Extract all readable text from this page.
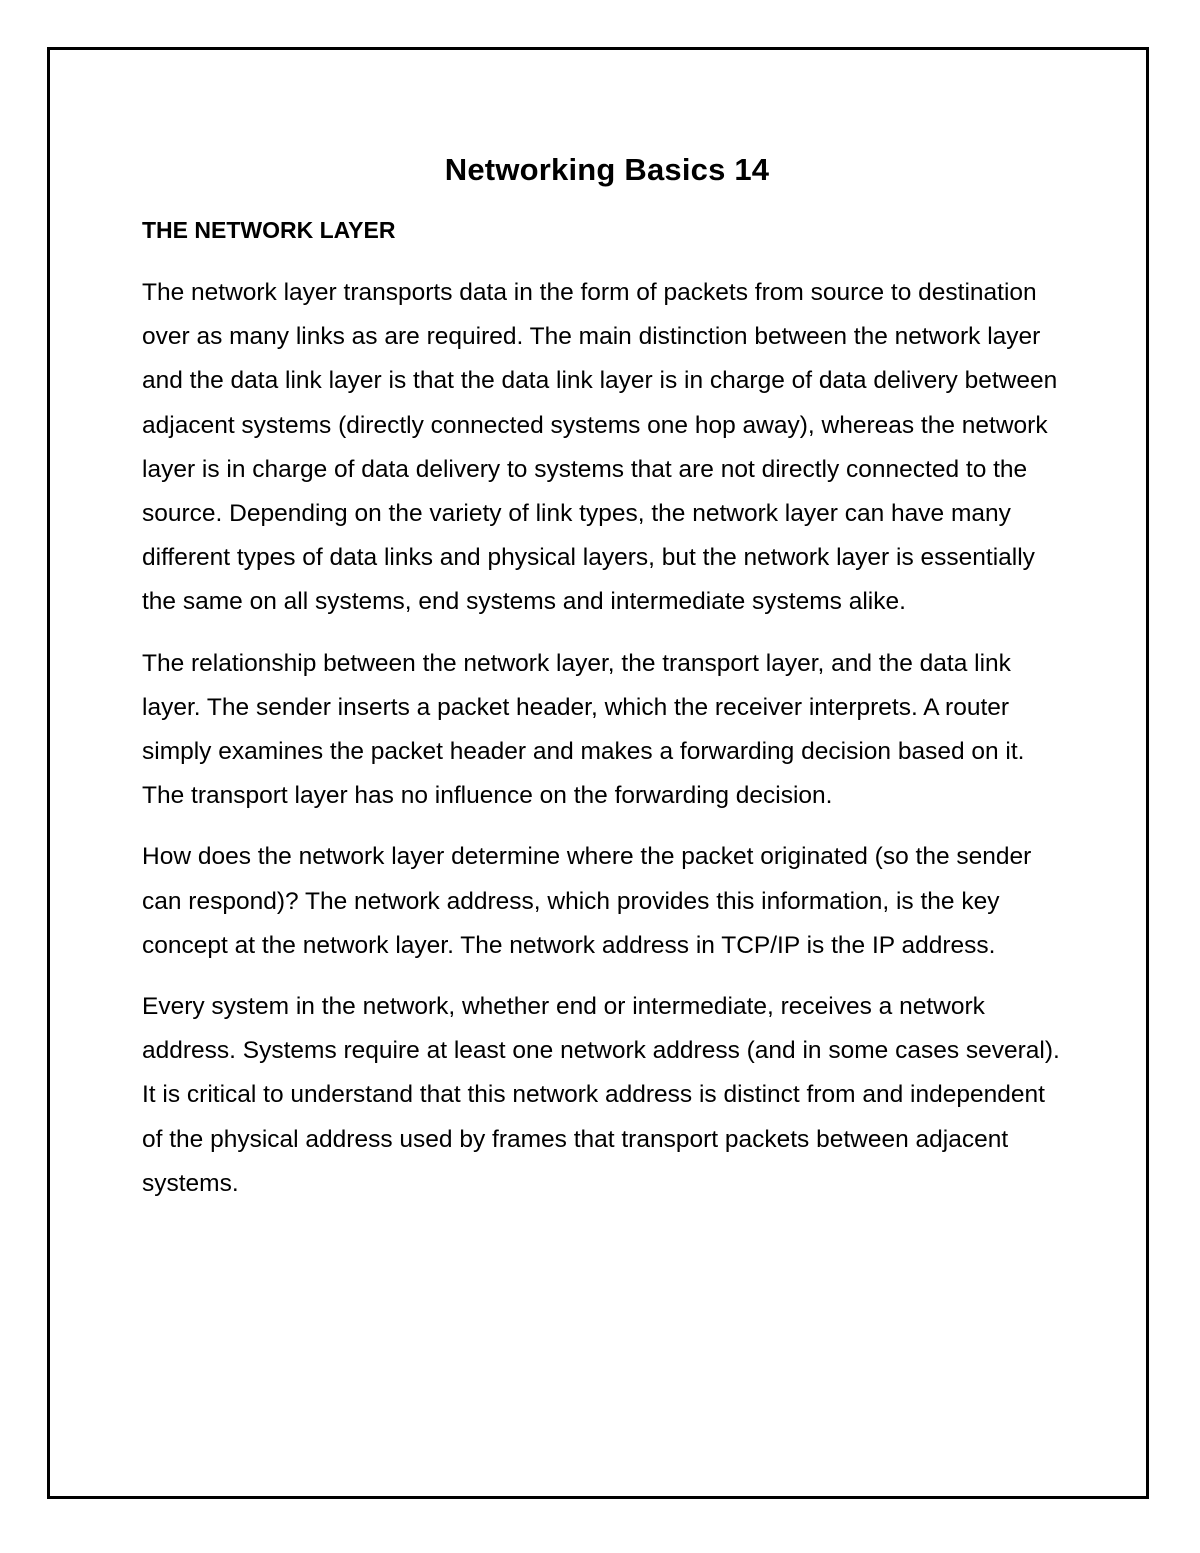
Networking Basics 14
THE NETWORK LAYER

The network layer transports data in the form of packets from source to destination over as many links as are required. The main distinction between the network layer and the data link layer is that the data link layer is in charge of data delivery between adjacent systems (directly connected systems one hop away), whereas the network layer is in charge of data delivery to systems that are not directly connected to the source. Depending on the variety of link types, the network layer can have many different types of data links and physical layers, but the network layer is essentially the same on all systems, end systems and intermediate systems alike.

The relationship between the network layer, the transport layer, and the data link layer. The sender inserts a packet header, which the receiver interprets. A router simply examines the packet header and makes a forwarding decision based on it. The transport layer has no influence on the forwarding decision.

How does the network layer determine where the packet originated (so the sender can respond)? The network address, which provides this information, is the key concept at the network layer. The network address in TCP/IP is the IP address.

Every system in the network, whether end or intermediate, receives a network address. Systems require at least one network address (and in some cases several). It is critical to understand that this network address is distinct from and independent of the physical address used by frames that transport packets between adjacent systems.
